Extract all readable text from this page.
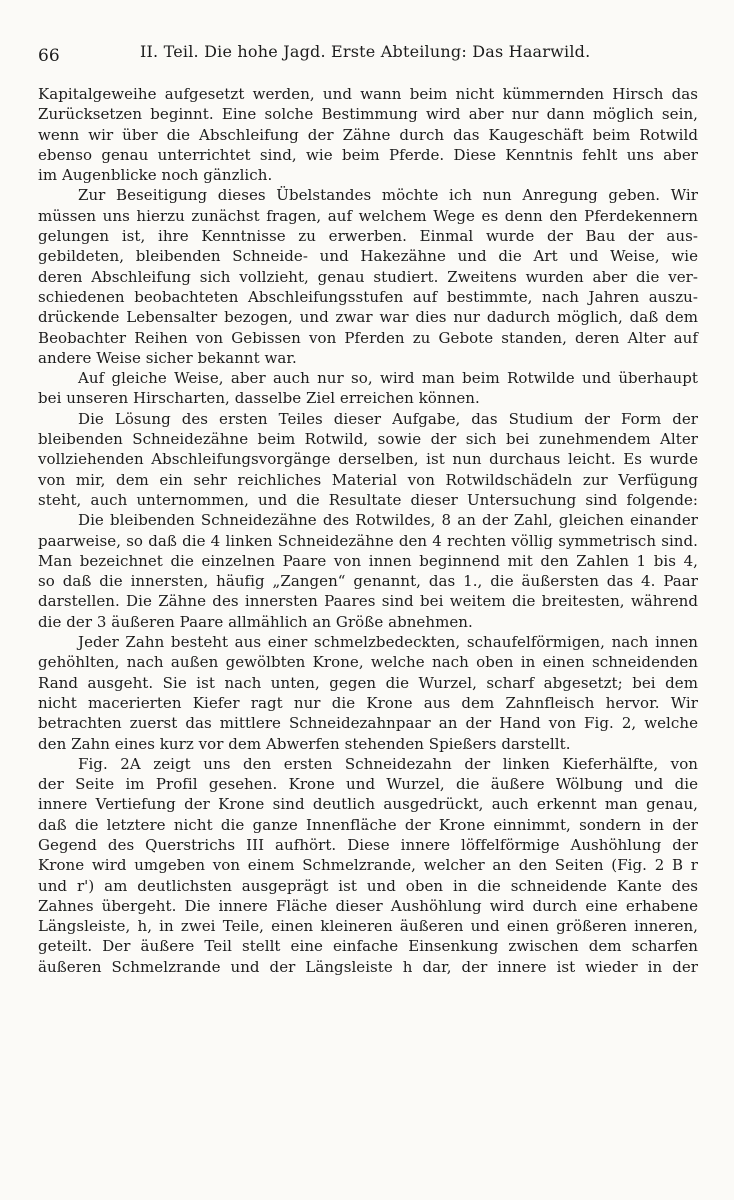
66	II. Teil. Die hohe Jagd. Erste Abteilung: Das Haarwild.
Kapitalgeweihe aufgesetzt werden, und wann beim nicht kümmernden Hirsch das
Zurücksetzen beginnt. Eine solche Bestimmung wird aber nur dann möglich sein,
wenn wir über die Abschleifung der Zähne durch das Kaugeschäft beim Rotwild
ebenso genau unterrichtet sind, wie beim Pferde. Diese Kenntnis fehlt uns aber
im Augenblicke noch gänzlich.
Zur Beseitigung dieses Übelstandes möchte ich nun Anregung geben. Wir
müssen uns hierzu zunächst fragen, auf welchem Wege es denn den Pferdekennern
gelungen ist, ihre Kenntnisse zu erwerben. Einmal wurde der Bau der aus-
gebildeten, bleibenden Schneide- und Hakezähne und die Art und Weise, wie
deren Abschleifung sich vollzieht, genau studiert. Zweitens wurden aber die ver-
schiedenen beobachteten Abschleifungsstufen auf bestimmte, nach Jahren auszu-
drückende Lebensalter bezogen, und zwar war dies nur dadurch möglich, daß dem
Beobachter Reihen von Gebissen von Pferden zu Gebote standen, deren Alter auf
andere Weise sicher bekannt war.
Auf gleiche Weise, aber auch nur so, wird man beim Rotwilde und überhaupt
bei unseren Hirscharten, dasselbe Ziel erreichen können.
Die Lösung des ersten Teiles dieser Aufgabe, das Studium der Form der
bleibenden Schneidezähne beim Rotwild, sowie der sich bei zunehmendem Alter
vollziehenden Abschleifungsvorgänge derselben, ist nun durchaus leicht. Es wurde
von mir, dem ein sehr reichliches Material von Rotwildschädeln zur Verfügung
steht, auch unternommen, und die Resultate dieser Untersuchung sind folgende:
Die bleibenden Schneidezähne des Rotwildes, 8 an der Zahl, gleichen einander
paarweise, so daß die 4 linken Schneidezähne den 4 rechten völlig symmetrisch sind.
Man bezeichnet die einzelnen Paare von innen beginnend mit den Zahlen 1 bis 4,
so daß die innersten, häufig „Zangen“ genannt, das 1., die äußersten das 4. Paar
darstellen. Die Zähne des innersten Paares sind bei weitem die breitesten, während
die der 3 äußeren Paare allmählich an Größe abnehmen.
Jeder Zahn besteht aus einer schmelzbedeckten, schaufelförmigen, nach innen
gehöhlten, nach außen gewölbten Krone, welche nach oben in einen schneidenden
Rand ausgeht. Sie ist nach unten, gegen die Wurzel, scharf abgesetzt; bei dem
nicht macerierten Kiefer ragt nur die Krone aus dem Zahnfleisch hervor. Wir
betrachten zuerst das mittlere Schneidezahnpaar an der Hand von Fig. 2, welche
den Zahn eines kurz vor dem Abwerfen stehenden Spießers darstellt.
Fig. 2A zeigt uns den ersten Schneidezahn der linken Kieferhälfte, von
der Seite im Profil gesehen. Krone und Wurzel, die äußere Wölbung und die
innere Vertiefung der Krone sind deutlich ausgedrückt, auch erkennt man genau,
daß die letztere nicht die ganze Innenfläche der Krone einnimmt, sondern in der
Gegend des Querstrichs III aufhört. Diese innere löffelförmige Aushöhlung der
Krone wird umgeben von einem Schmelzrande, welcher an den Seiten (Fig. 2 B r
und r') am deutlichsten ausgeprägt ist und oben in die schneidende Kante des
Zahnes übergeht. Die innere Fläche dieser Aushöhlung wird durch eine erhabene
Längsleiste, h, in zwei Teile, einen kleineren äußeren und einen größeren inneren,
geteilt. Der äußere Teil stellt eine einfache Einsenkung zwischen dem scharfen
äußeren Schmelzrande und der Längsleiste h dar, der innere ist wieder in der
